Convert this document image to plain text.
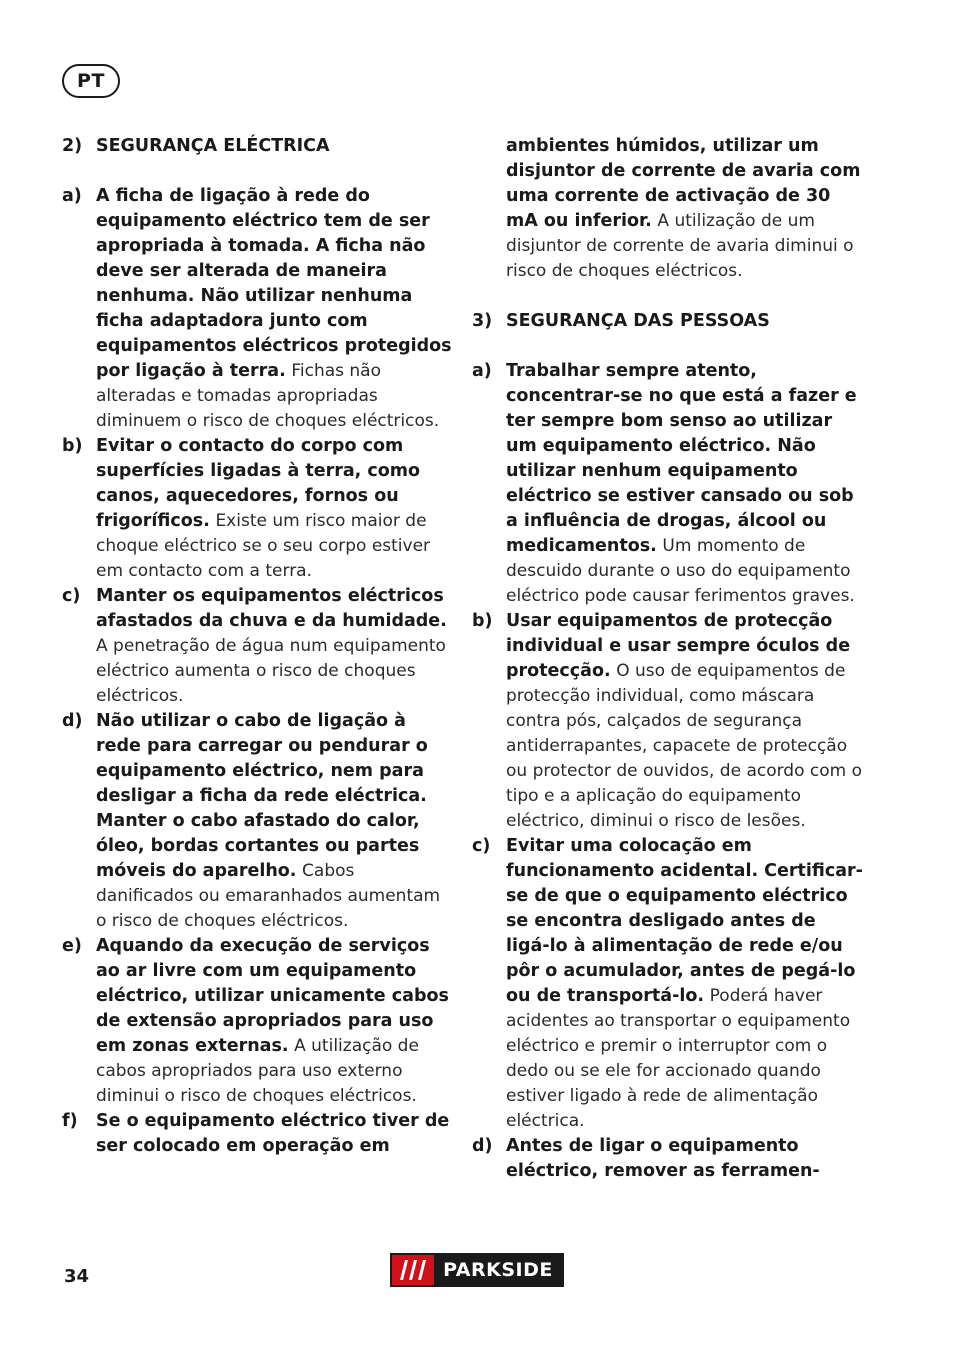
PT
2) SEGURANÇA ELÉCTRICA
a) A ficha de ligação à rede do equipamento eléctrico tem de ser apropriada à tomada. A ficha não deve ser alterada de maneira nenhuma. Não utilizar nenhuma ficha adaptadora junto com equipamentos eléctricos protegidos por ligação à terra. Fichas não alteradas e tomadas apropriadas diminuem o risco de choques eléctricos.
b) Evitar o contacto do corpo com superfícies ligadas à terra, como canos, aquecedores, fornos ou frigoríficos. Existe um risco maior de choque eléctrico se o seu corpo estiver em contacto com a terra.
c) Manter os equipamentos eléctricos afastados da chuva e da humidade. A penetração de água num equipamento eléctrico aumenta o risco de choques eléctricos.
d) Não utilizar o cabo de ligação à rede para carregar ou pendurar o equipamento eléctrico, nem para desligar a ficha da rede eléctrica. Manter o cabo afastado do calor, óleo, bordas cortantes ou partes móveis do aparelho. Cabos danificados ou emaranhados aumentam o risco de choques eléctricos.
e) Aquando da execução de serviços ao ar livre com um equipamento eléctrico, utilizar unicamente cabos de extensão apropriados para uso em zonas externas. A utilização de cabos apropriados para uso externo diminui o risco de choques eléctricos.
f)	Se o equipamento eléctrico tiver de ser colocado em operação em
ambientes húmidos, utilizar um disjuntor de corrente de avaria com uma corrente de activação de 30 mA ou inferior. A utilização de um disjuntor de corrente de avaria diminui o risco de choques eléctricos.
3) SEGURANÇA DAS PESSOAS
a) Trabalhar sempre atento, concentrar-se no que está a fazer e ter sempre bom senso ao utilizar um equipamento eléctrico. Não utilizar nenhum equipamento eléctrico se estiver cansado ou sob a influência de drogas, álcool ou medicamentos. Um momento de descuido durante o uso do equipamento eléctrico pode causar ferimentos graves.
b) Usar equipamentos de protecção individual e usar sempre óculos de protecção. O uso de equipamentos de protecção individual, como máscara contra pós, calçados de segurança antiderrapantes, capacete de protecção ou protector de ouvidos, de acordo com o tipo e a aplicação do equipamento eléctrico, diminui o risco de lesões.
c) Evitar uma colocação em funcionamento acidental. Certificar-se de que o equipamento eléctrico se encontra desligado antes de ligá-lo à alimentação de rede e/ou pôr o acumulador, antes de pegá-lo ou de transportá-lo. Poderá haver acidentes ao transportar o equipamento eléctrico e premir o interruptor com o dedo ou se ele for accionado quando estiver ligado à rede de alimentação eléctrica.
d) Antes de ligar o equipamento eléctrico, remover as ferramen-
34	PARKSIDE
